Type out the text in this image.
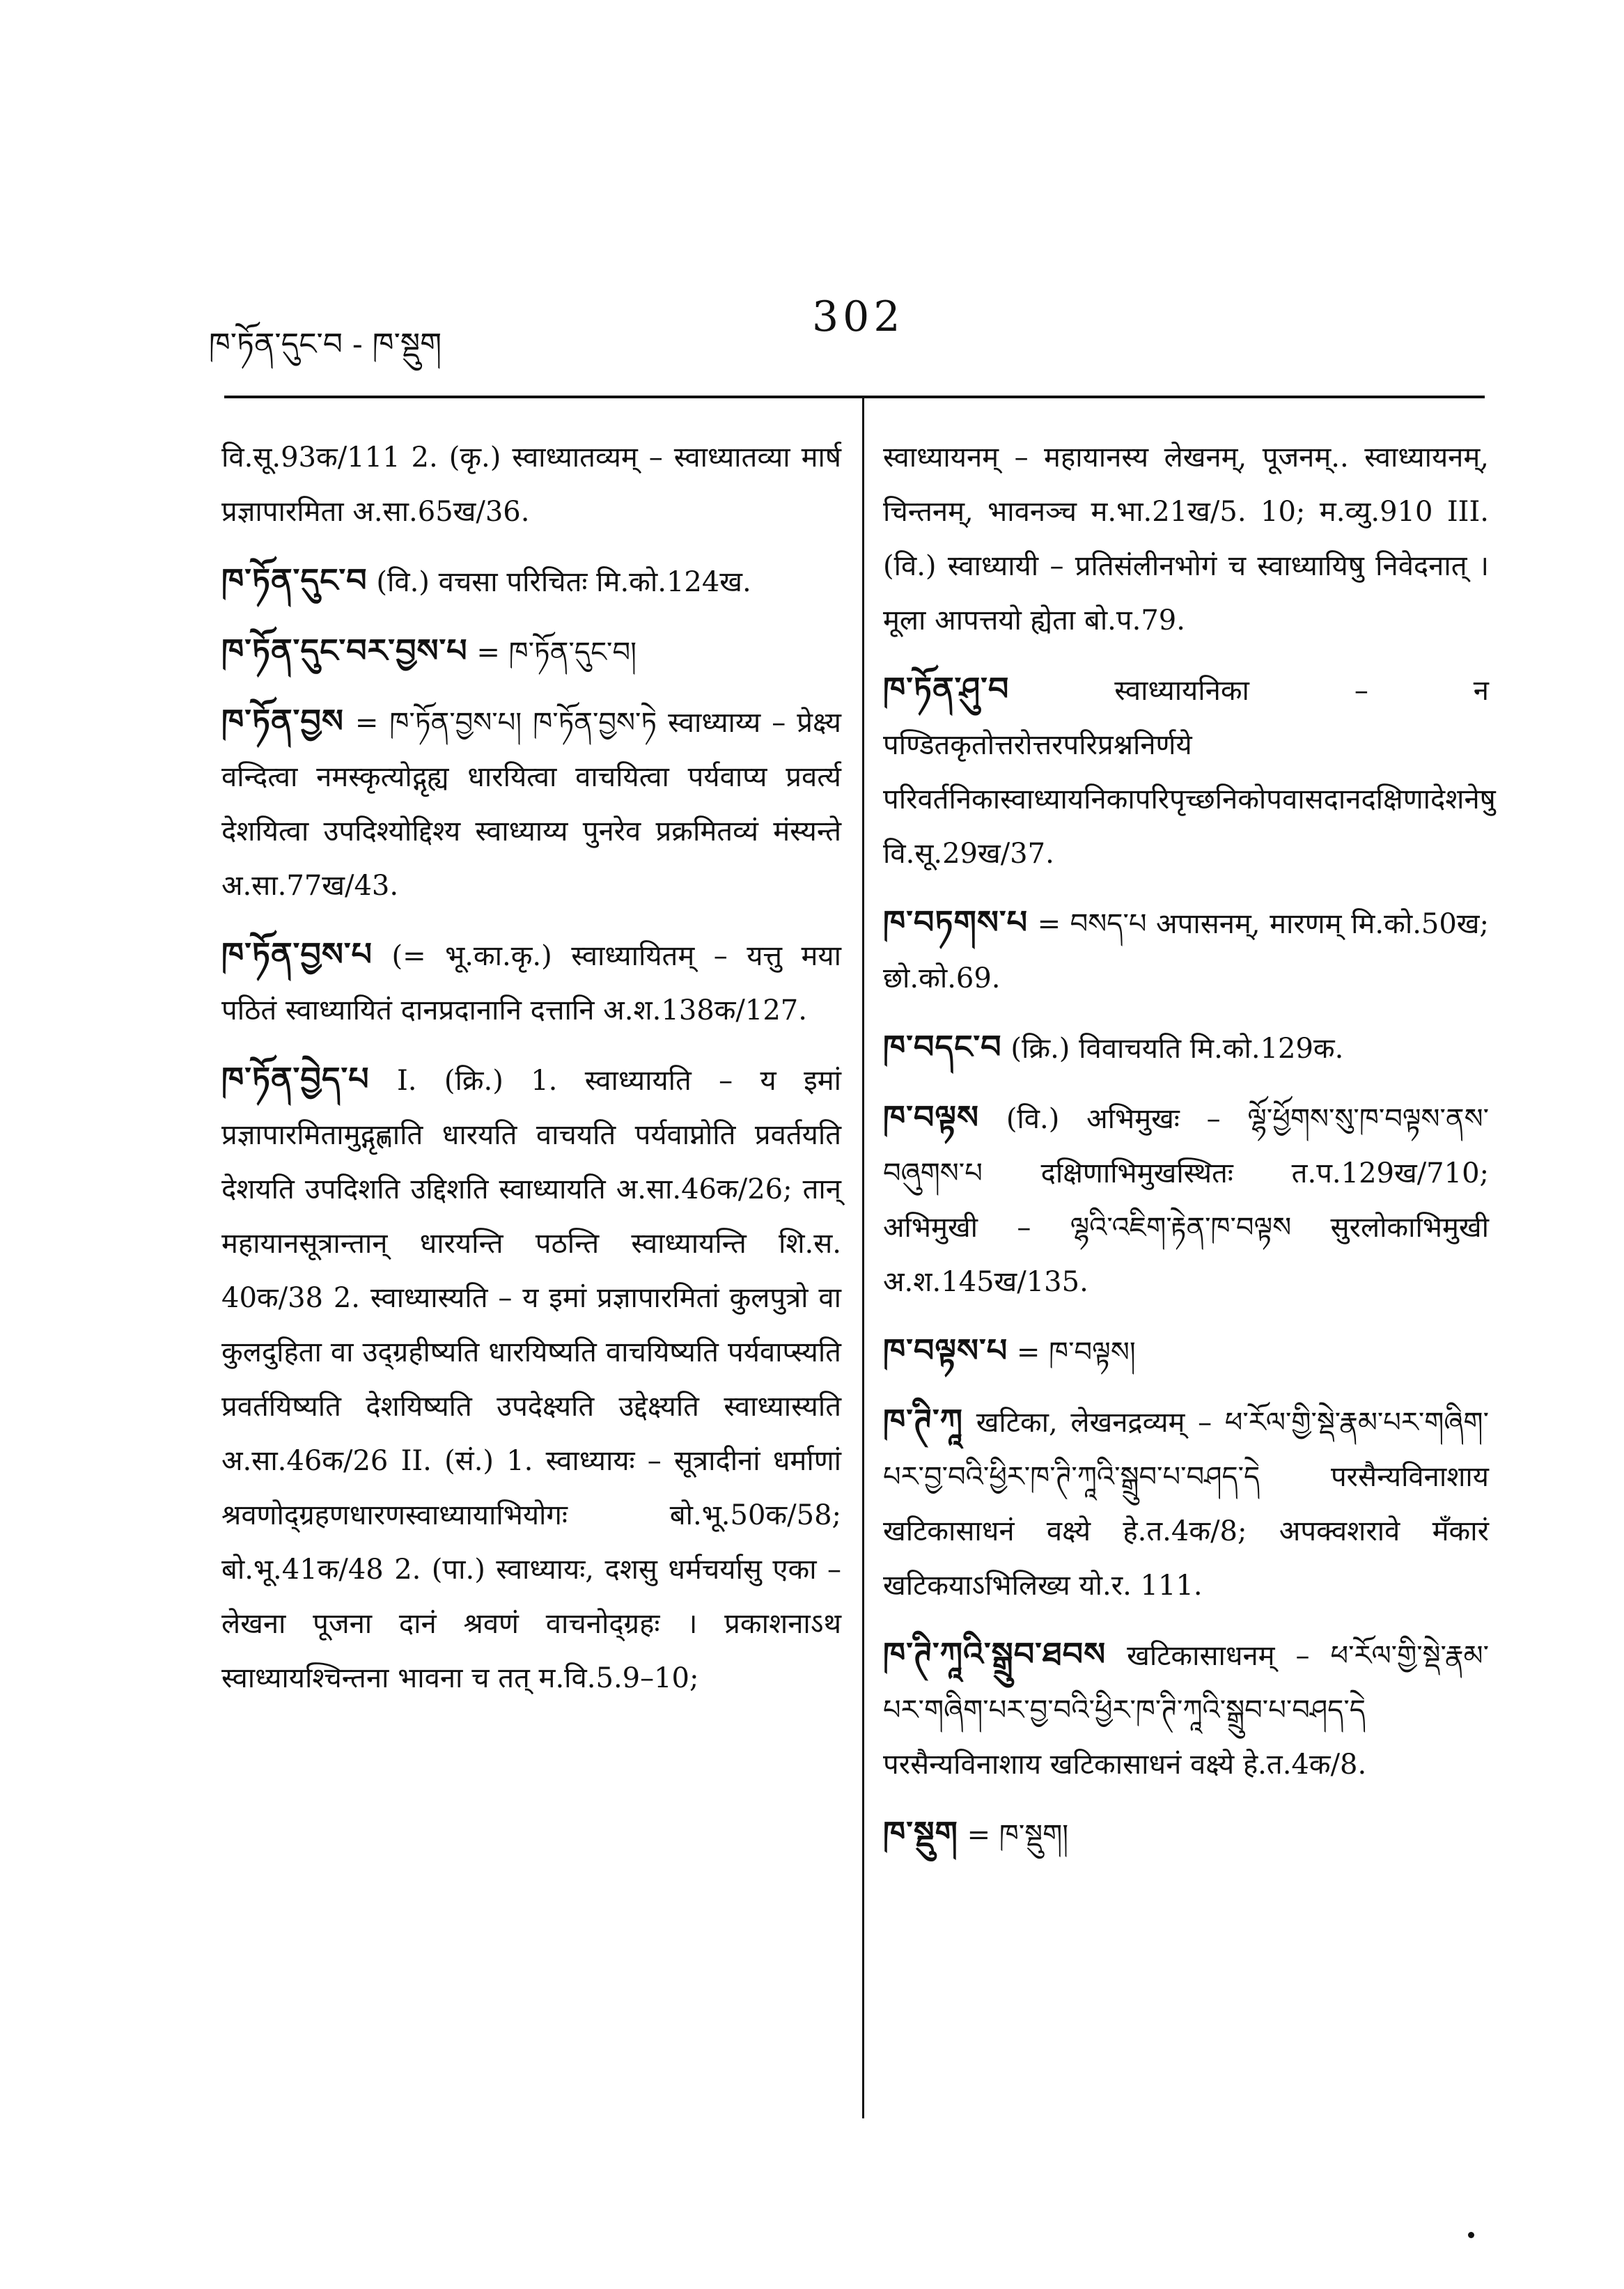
ཁ་ཏོན་དུང་བ - ཁ་སྡུག
302

वि.सू.93क/111 2. (कृ.) स्वाध्यातव्यम् – स्वाध्यातव्या मार्ष प्रज्ञापारमिता अ.सा.65ख/36.

ཁ་ཏོན་དུང་བ (वि.) वचसा परिचितः मि.को.124ख.

ཁ་ཏོན་དུང་བར་བྱས་པ = ཁ་ཏོན་དུང་བ།

ཁ་ཏོན་བྱས = ཁ་ཏོན་བྱས་པ། ཁ་ཏོན་བྱས་ཏེ स्वाध्याय्य – प्रेक्ष्य वन्दित्वा नमस्कृत्योद्गृह्य धारयित्वा वाचयित्वा पर्यवाप्य प्रवर्त्य देशयित्वा उपदिश्योद्दिश्य स्वाध्याय्य पुनरेव प्रक्रमितव्यं मंस्यन्ते अ.सा.77ख/43.

ཁ་ཏོན་བྱས་པ (= भू.का.कृ.) स्वाध्यायितम् – यत्तु मया पठितं स्वाध्यायितं दानप्रदानानि दत्तानि अ.श.138क/127.

ཁ་ཏོན་བྱེད་པ I. (क्रि.) 1. स्वाध्यायति – य इमां प्रज्ञापारमितामुद्गृह्णाति धारयति वाचयति पर्यवाप्नोति प्रवर्तयति देशयति उपदिशति उद्दिशति स्वाध्यायति अ.सा.46क/26; तान् महायानसूत्रान्तान् धारयन्ति पठन्ति स्वाध्यायन्ति शि.स. 40क/38 2. स्वाध्यास्यति – य इमां प्रज्ञापारमितां कुलपुत्रो वा कुलदुहिता वा उद्ग्रहीष्यति धारयिष्यति वाचयिष्यति पर्यवाप्स्यति प्रवर्तयिष्यति देशयिष्यति उपदेक्ष्यति उद्देक्ष्यति स्वाध्यास्यति अ.सा.46क/26 II. (सं.) 1. स्वाध्यायः – सूत्रादीनां धर्माणां श्रवणोद्ग्रहणधारणस्वाध्यायाभियोगः बो.भू.50क/58; बो.भू.41क/48 2. (पा.) स्वाध्यायः, दशसु धर्मचर्यासु एका – लेखना पूजना दानं श्रवणं वाचनोद्ग्रहः । प्रकाशनाऽथ स्वाध्यायश्चिन्तना भावना च तत् म.वि.5.9–10;

स्वाध्यायनम् – महायानस्य लेखनम्, पूजनम्.. स्वाध्यायनम्, चिन्तनम्, भावनञ्च म.भा.21ख/5. 10; म.व्यु.910 III. (वि.) स्वाध्यायी – प्रतिसंलीनभोगं च स्वाध्यायिषु निवेदनात् । मूला आपत्तयो ह्येता बो.प.79.

ཁ་ཏོན་ཤུ་བ	स्वाध्यायनिका – न पण्डितकृतोत्तरोत्तरपरिप्रश्ननिर्णये परिवर्तनिकास्वाध्यायनिकापरिपृच्छनिकोपवासदानदक्षिणादेशनेषु वि.सू.29ख/37.

ཁ་བཏགས་པ = བསད་པ अपासनम्, मारणम् मि.को.50ख; छो.को.69.

ཁ་བདང་བ (क्रि.) विवाचयति मि.को.129क.

ཁ་བལྟས (वि.) अभिमुखः – ལྷོ་ཕྱོགས་སུ་ཁ་བལྟས་ནས་བཞུགས་པ दक्षिणाभिमुखस्थितः त.प.129ख/710; अभिमुखी – ལྷའི་འཇིག་རྟེན་ཁ་བལྟས सुरलोकाभिमुखी अ.श.145ख/135.

ཁ་བལྟས་པ = ཁ་བལྟས།

ཁ་ཊི་ཀཱ खटिका, लेखनद्रव्यम् – ཕ་རོལ་གྱི་སྡེ་རྣམ་པར་གཞིག་པར་བྱ་བའི་ཕྱིར་ཁ་ཊི་ཀཱའི་སྒྲུབ་པ་བཤད་དེ परसैन्यविनाशाय खटिकासाधनं वक्ष्ये हे.त.4क/8; अपक्वशरावे मँकारं खटिकयाऽभिलिख्य यो.र. 111.

ཁ་ཊི་ཀཱའི་སྒྲུབ་ཐབས खटिकासाधनम् – ཕ་རོལ་གྱི་སྡེ་རྣམ་པར་གཞིག་པར་བྱ་བའི་ཕྱིར་ཁ་ཊི་ཀཱའི་སྒྲུབ་པ་བཤད་དེ परसैन्यविनाशाय खटिकासाधनं वक्ष्ये हे.त.4क/8.

ཁ་སྡུག = ཁ་སྡུག།
